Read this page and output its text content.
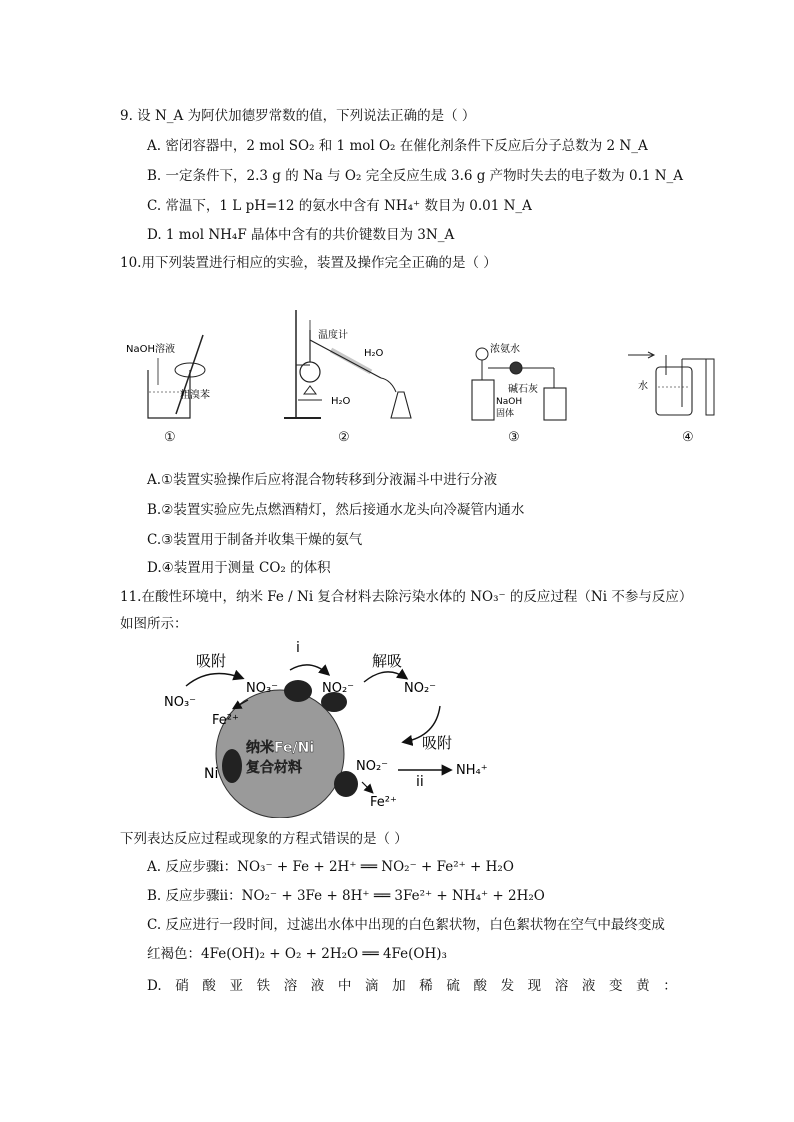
9. 设 N_A 为阿伏加德罗常数的值，下列说法正确的是（ ）
A. 密闭容器中，2 mol SO₂ 和 1 mol O₂ 在催化剂条件下反应后分子总数为 2 N_A
B. 一定条件下，2.3 g 的 Na 与 O₂ 完全反应生成 3.6 g 产物时失去的电子数为 0.1 N_A
C. 常温下，1 L pH=12 的氨水中含有 NH₄⁺ 数目为 0.01 N_A
D. 1 mol NH₄F 晶体中含有的共价键数目为 3N_A
10.用下列装置进行相应的实验，装置及操作完全正确的是（ ）
NaOH溶液
粗溴苯
①
温度计
H₂O
H₂O
②
浓氨水
碱石灰
NaOH
固体
③
水
④
A.①装置实验操作后应将混合物转移到分液漏斗中进行分液
B.②装置实验应先点燃酒精灯，然后接通水龙头向冷凝管内通水
C.③装置用于制备并收集干燥的氨气
D.④装置用于测量 CO₂ 的体积
11.在酸性环境中，纳米 Fe / Ni 复合材料去除污染水体的 NO₃⁻ 的反应过程（Ni 不参与反应）
如图所示：
吸附
i
解吸
吸附
ii
NO₃⁻
NO₃⁻	NO₂⁻	NO₂⁻
NO₂⁻	NH₄⁺
Fe²⁺
Fe²⁺
Ni
纳米Fe/Ni
复合材料
下列表达反应过程或现象的方程式错误的是（ ）
A. 反应步骤ⅰ：NO₃⁻ + Fe + 2H⁺ ══ NO₂⁻ + Fe²⁺ + H₂O
B. 反应步骤ⅱ：NO₂⁻ + 3Fe + 8H⁺ ══ 3Fe²⁺ + NH₄⁺ + 2H₂O
C. 反应进行一段时间，过滤出水体中出现的白色絮状物，白色絮状物在空气中最终变成
红褐色：4Fe(OH)₂ + O₂ + 2H₂O ══ 4Fe(OH)₃
D. 硝 酸 亚 铁 溶 液 中 滴 加 稀 硫 酸 发 现 溶 液 变 黄 ：
